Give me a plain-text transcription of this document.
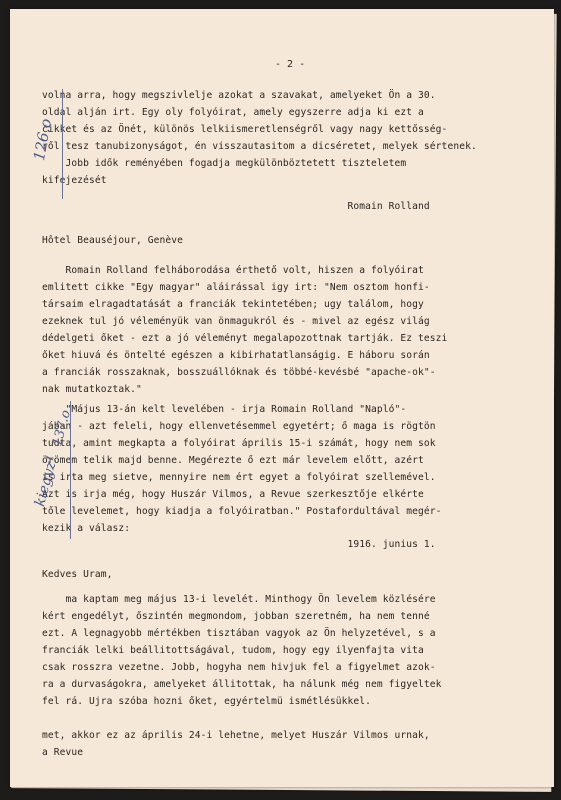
- 2 -

volna arra, hogy megszivlelje azokat a szavakat, amelyeket Ön a 30.

oldal alján irt. Egy oly folyóirat, amely egyszerre adja ki ezt a

cikket és az Önét, különös lelkiismeretlenségről vagy nagy kettősség-

ről tesz tanubizonyságot, én visszautasitom a dicséretet, melyek sértenek.

Jobb idők reményében fogadja megkülönböztetett tiszteletem

kifejezését

Romain Rolland

Hôtel Beauséjour, Genève

Romain Rolland felháborodása érthető volt, hiszen a folyóirat

emlitett cikke "Egy magyar" aláirással igy irt: "Nem osztom honfi-

társaim elragadtatását a franciák tekintetében; ugy találom, hogy

ezeknek tul jó véleményük van önmagukról és - mivel az egész világ

dédelgeti őket - ezt a jó véleményt megalapozottnak tartják. Ez teszi

őket hiuvá és öntelté egészen a kibirhatatlanságig. E háboru során

a franciák rosszaknak, bosszuállóknak és többé-kevésbé "apache-ok"-

nak mutatkoztak."

"Május 13-án kelt levelében - irja Romain Rolland "Napló"-

jában - azt feleli, hogy ellenvetésemmel egyetért; ő maga is rögtön

tudta, amint megkapta a folyóirat április 15-i számát, hogy nem sok

örömem telik majd benne. Megérezte ő ezt már levelem előtt, azért

is irta meg sietve, mennyire nem ért egyet a folyóirat szellemével.

Azt is irja még, hogy Huszár Vilmos, a Revue szerkesztője elkérte

tőle levelemet, hogy kiadja a folyóiratban." Postafordultával megér-

kezik a válasz:

1916. junius 1.

Kedves Uram,

ma kaptam meg május 13-i levelét. Minthogy Ön levelem közlésére

kért engedélyt, őszintén megmondom, jobban szeretném, ha nem tenné

ezt. A legnagyobb mértékben tisztában vagyok az Ön helyzetével, s a

franciák lelki beállitottságával, tudom, hogy egy ilyenfajta vita

csak rosszra vezetne. Jobb, hogyha nem hivjuk fel a figyelmet azok-

ra a durvaságokra, amelyeket állitottak, ha nálunk még nem figyeltek

fel rá. Ujra szóba hozni őket, egyértelmü ismétlésükkel.

met, akkor ez az április 24-i lehetne, melyet Huszár Vilmos urnak,

a Revue

126.o
kiegyz!
137.o
